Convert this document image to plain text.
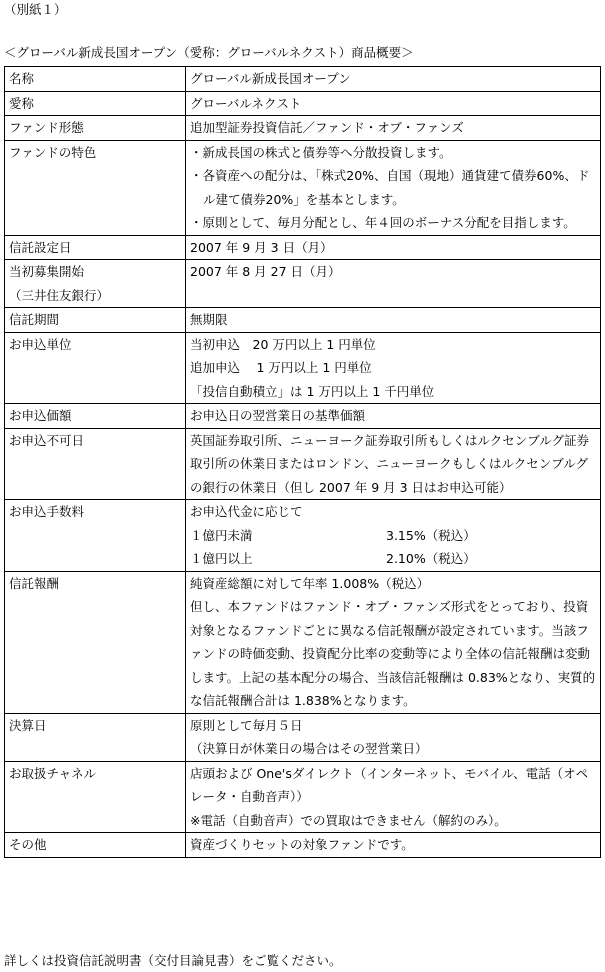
（別紙１）
＜グローバル新成長国オープン（愛称：グローバルネクスト）商品概要＞
名称	グローバル新成長国オープン

愛称	グローバルネクスト

ファンド形態	追加型証券投資信託／ファンド・オブ・ファンズ

ファンドの特色	・新成長国の株式と債券等へ分散投資します。
・各資産への配分は、「株式20%、自国（現地）通貨建て債券60%、ドル建て債券20%」を基本とします。
・原則として、毎月分配とし、年４回のボーナス分配を目指します。

信託設定日	2007 年 9 月 3 日（月）

当初募集開始
（三井住友銀行）	2007 年 8 月 27 日（月）

信託期間	無期限

お申込単位	当初申込　20 万円以上 1 円単位
追加申込　 1 万円以上 1 円単位
「投信自動積立」は 1 万円以上 1 千円単位

お申込価額	お申込日の翌営業日の基準価額

お申込不可日	英国証券取引所、ニューヨーク証券取引所もしくはルクセンブルグ証券取引所の休業日またはロンドン、ニューヨークもしくはルクセンブルグの銀行の休業日（但し 2007 年 9 月 3 日はお申込可能）

お申込手数料	お申込代金に応じて
１億円未満 3.15%（税込）
１億円以上 2.10%（税込）

信託報酬	純資産総額に対して年率 1.008%（税込）
但し、本ファンドはファンド・オブ・ファンズ形式をとっており、投資対象となるファンドごとに異なる信託報酬が設定されています。当該ファンドの時価変動、投資配分比率の変動等により全体の信託報酬は変動します。上記の基本配分の場合、当該信託報酬は 0.83%となり、実質的な信託報酬合計は 1.838%となります。

決算日	原則として毎月５日
（決算日が休業日の場合はその翌営業日）

お取扱チャネル	店頭および One'sダイレクト（インターネット、モバイル、電話（オペレータ・自動音声））
※電話（自動音声）での買取はできません（解約のみ）。

その他	資産づくりセットの対象ファンドです。
詳しくは投資信託説明書（交付目論見書）をご覧ください。
